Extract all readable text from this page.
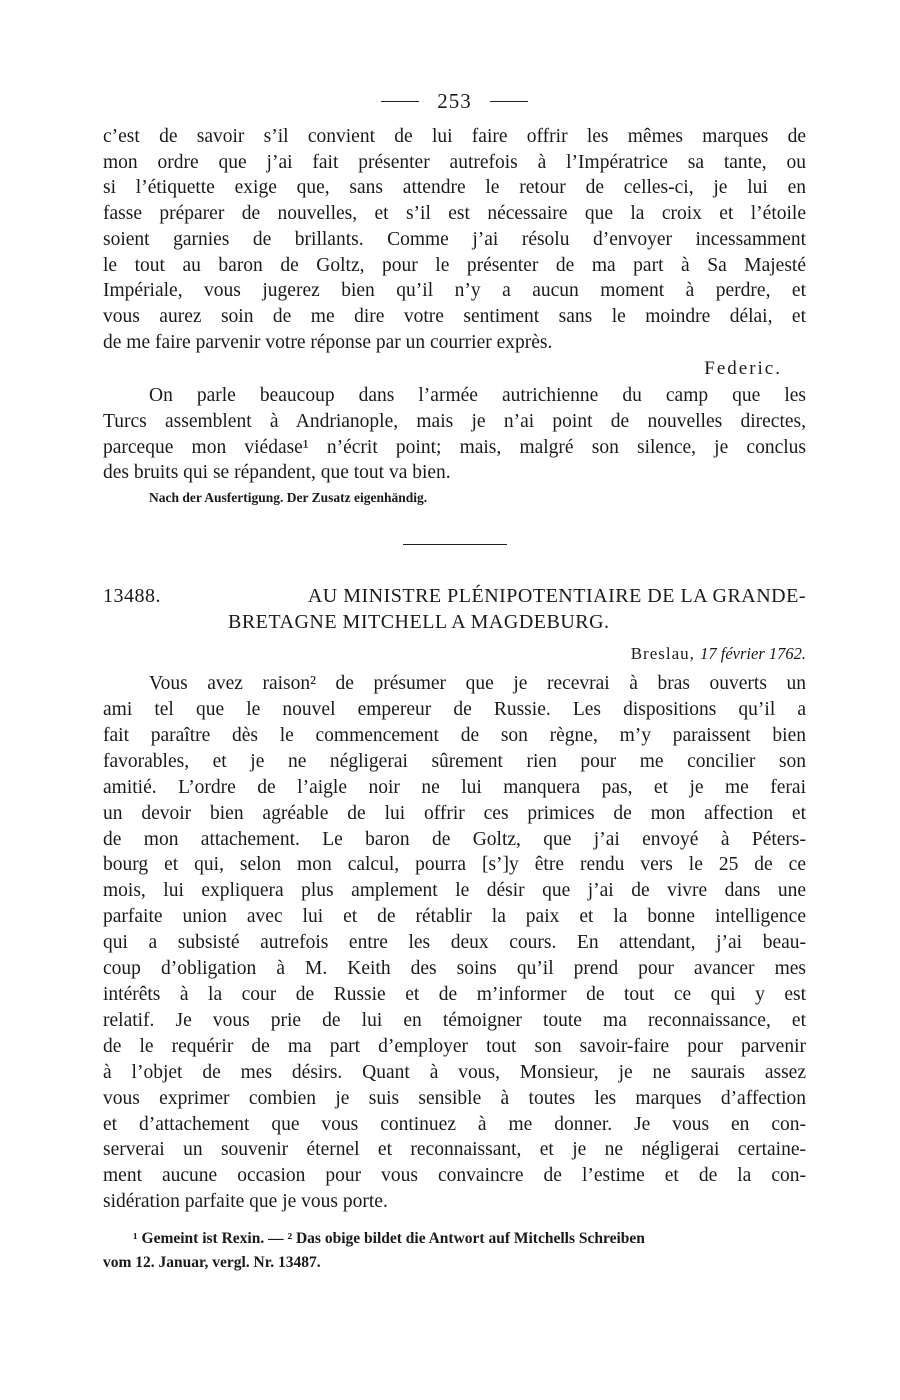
253
c’est de savoir s’il convient de lui faire offrir les mêmes marques de
mon ordre que j’ai fait présenter autrefois à l’Impératrice sa tante, ou
si l’étiquette exige que, sans attendre le retour de celles-ci, je lui en
fasse préparer de nouvelles, et s’il est nécessaire que la croix et l’étoile
soient garnies de brillants. Comme j’ai résolu d’envoyer incessamment
le tout au baron de Goltz, pour le présenter de ma part à Sa Majesté
Impériale, vous jugerez bien qu’il n’y a aucun moment à perdre, et
vous aurez soin de me dire votre sentiment sans le moindre délai, et
de me faire parvenir votre réponse par un courrier exprès.
Federic.
On parle beaucoup dans l’armée autrichienne du camp que les
Turcs assemblent à Andrianople, mais je n’ai point de nouvelles directes,
parceque mon viédase¹ n’écrit point; mais, malgré son silence, je conclus
des bruits qui se répandent, que tout va bien.
Nach der Ausfertigung. Der Zusatz eigenhändig.
13488.	AU MINISTRE PLÉNIPOTENTIAIRE DE LA GRANDE-
BRETAGNE MITCHELL A MAGDEBURG.
Breslau, 17 février 1762.
Vous avez raison² de présumer que je recevrai à bras ouverts un
ami tel que le nouvel empereur de Russie. Les dispositions qu’il a
fait paraître dès le commencement de son règne, m’y paraissent bien
favorables, et je ne négligerai sûrement rien pour me concilier son
amitié. L’ordre de l’aigle noir ne lui manquera pas, et je me ferai
un devoir bien agréable de lui offrir ces primices de mon affection et
de mon attachement. Le baron de Goltz, que j’ai envoyé à Péters-
bourg et qui, selon mon calcul, pourra [s’]y être rendu vers le 25 de ce
mois, lui expliquera plus amplement le désir que j’ai de vivre dans une
parfaite union avec lui et de rétablir la paix et la bonne intelligence
qui a subsisté autrefois entre les deux cours. En attendant, j’ai beau-
coup d’obligation à M. Keith des soins qu’il prend pour avancer mes
intérêts à la cour de Russie et de m’informer de tout ce qui y est
relatif. Je vous prie de lui en témoigner toute ma reconnaissance, et
de le requérir de ma part d’employer tout son savoir-faire pour parvenir
à l’objet de mes désirs. Quant à vous, Monsieur, je ne saurais assez
vous exprimer combien je suis sensible à toutes les marques d’affection
et d’attachement que vous continuez à me donner. Je vous en con-
serverai un souvenir éternel et reconnaissant, et je ne négligerai certaine-
ment aucune occasion pour vous convaincre de l’estime et de la con-
sidération parfaite que je vous porte.
¹ Gemeint ist Rexin. — ² Das obige bildet die Antwort auf Mitchells Schreiben
vom 12. Januar, vergl. Nr. 13487.
